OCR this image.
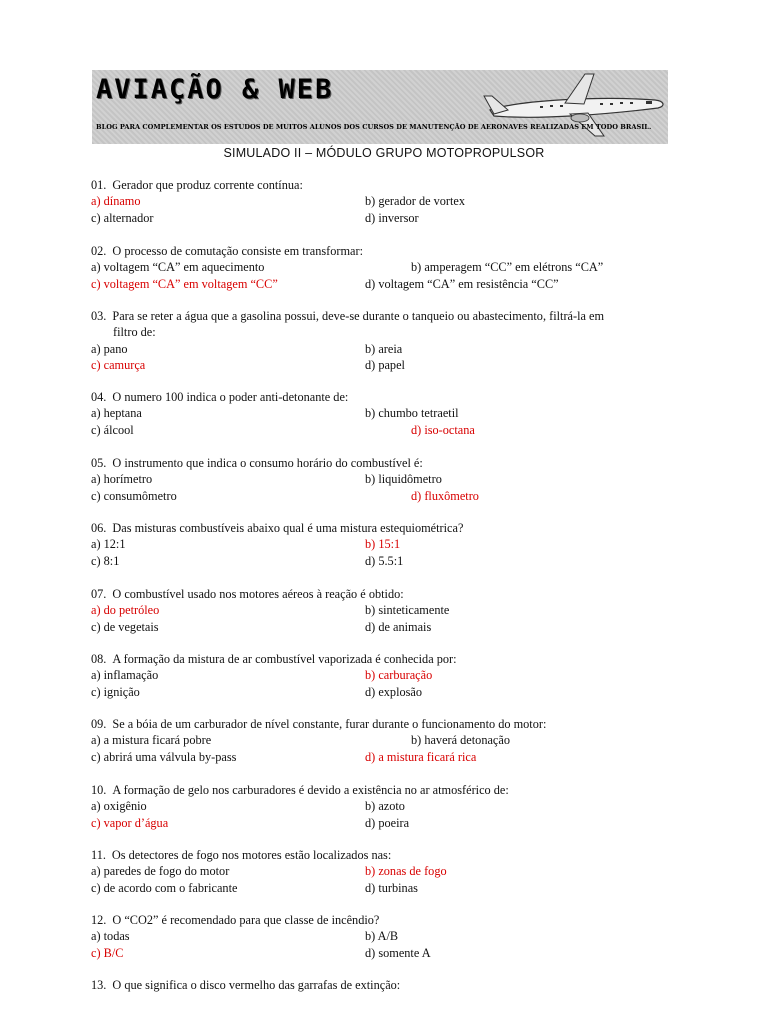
AVIAÇÃO & WEB
BLOG PARA COMPLEMENTAR OS ESTUDOS DE MUITOS ALUNOS DOS CURSOS DE MANUTENÇÃO DE AERONAVES REALIZADAS EM TODO BRASIL.
SIMULADO II – MÓDULO GRUPO MOTOPROPULSOR
01. Gerador que produz corrente contínua:
a) dínamo	b) gerador de vortex
c) alternador	d) inversor
02. O processo de comutação consiste em transformar:
a) voltagem “CA” em aquecimento	b) amperagem “CC” em elétrons “CA”
c) voltagem “CA” em voltagem “CC”	d) voltagem “CA” em resistência “CC”
03. Para se reter a água que a gasolina possui, deve-se durante o tanqueio ou abastecimento, filtrá-la em
filtro de:
a) pano	b) areia
c) camurça	d) papel
04. O numero 100 indica o poder anti-detonante de:
a) heptana	b) chumbo tetraetil
c) álcool	d) iso-octana
05. O instrumento que indica o consumo horário do combustível é:
a) horímetro	b) liquidômetro
c) consumômetro	d) fluxômetro
06. Das misturas combustíveis abaixo qual é uma mistura estequiométrica?
a) 12:1	b) 15:1
c) 8:1	d) 5.5:1
07. O combustível usado nos motores aéreos à reação é obtido:
a) do petróleo	b) sinteticamente
c) de vegetais	d) de animais
08. A formação da mistura de ar combustível vaporizada é conhecida por:
a) inflamação	b) carburação
c) ignição	d) explosão
09. Se a bóia de um carburador de nível constante, furar durante o funcionamento do motor:
a) a mistura ficará pobre	b) haverá detonação
c) abrirá uma válvula by-pass	d) a mistura ficará rica
10. A formação de gelo nos carburadores é devido a existência no ar atmosférico de:
a) oxigênio	b) azoto
c) vapor d’água	d) poeira
11. Os detectores de fogo nos motores estão localizados nas:
a) paredes de fogo do motor	b) zonas de fogo
c) de acordo com o fabricante	d) turbinas
12. O “CO2” é recomendado para que classe de incêndio?
a) todas	b) A/B
c) B/C	d) somente A
13. O que significa o disco vermelho das garrafas de extinção:
